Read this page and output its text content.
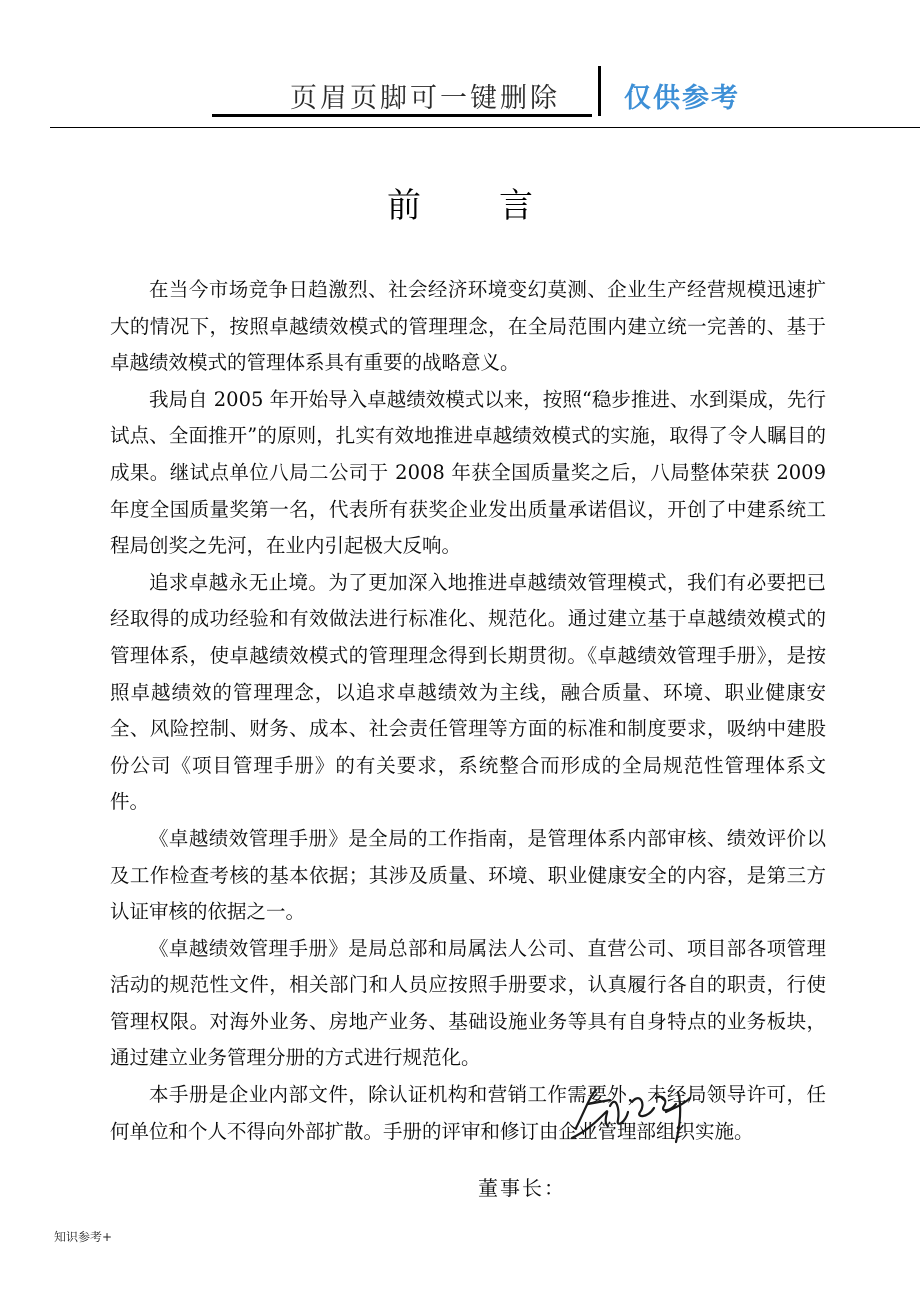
页眉页脚可一键删除 仅供参考
前言

在当今市场竞争日趋激烈、社会经济环境变幻莫测、企业生产经营规模迅速扩大的情况下，按照卓越绩效模式的管理理念，在全局范围内建立统一完善的、基于卓越绩效模式的管理体系具有重要的战略意义。

我局自 2005 年开始导入卓越绩效模式以来，按照“稳步推进、水到渠成，先行试点、全面推开”的原则，扎实有效地推进卓越绩效模式的实施，取得了令人瞩目的成果。继试点单位八局二公司于 2008 年获全国质量奖之后，八局整体荣获 2009 年度全国质量奖第一名，代表所有获奖企业发出质量承诺倡议，开创了中建系统工程局创奖之先河，在业内引起极大反响。

追求卓越永无止境。为了更加深入地推进卓越绩效管理模式，我们有必要把已经取得的成功经验和有效做法进行标准化、规范化。通过建立基于卓越绩效模式的管理体系，使卓越绩效模式的管理理念得到长期贯彻。《卓越绩效管理手册》，是按照卓越绩效的管理理念，以追求卓越绩效为主线，融合质量、环境、职业健康安全、风险控制、财务、成本、社会责任管理等方面的标准和制度要求，吸纳中建股份公司《项目管理手册》的有关要求，系统整合而形成的全局规范性管理体系文件。

《卓越绩效管理手册》是全局的工作指南，是管理体系内部审核、绩效评价以及工作检查考核的基本依据；其涉及质量、环境、职业健康安全的内容，是第三方认证审核的依据之一。

《卓越绩效管理手册》是局总部和局属法人公司、直营公司、项目部各项管理活动的规范性文件，相关部门和人员应按照手册要求，认真履行各自的职责，行使管理权限。对海外业务、房地产业务、基础设施业务等具有自身特点的业务板块，通过建立业务管理分册的方式进行规范化。

本手册是企业内部文件，除认证机构和营销工作需要外，未经局领导许可，任何单位和个人不得向外部扩散。手册的评审和修订由企业管理部组织实施。

董事长：
知识参考+
